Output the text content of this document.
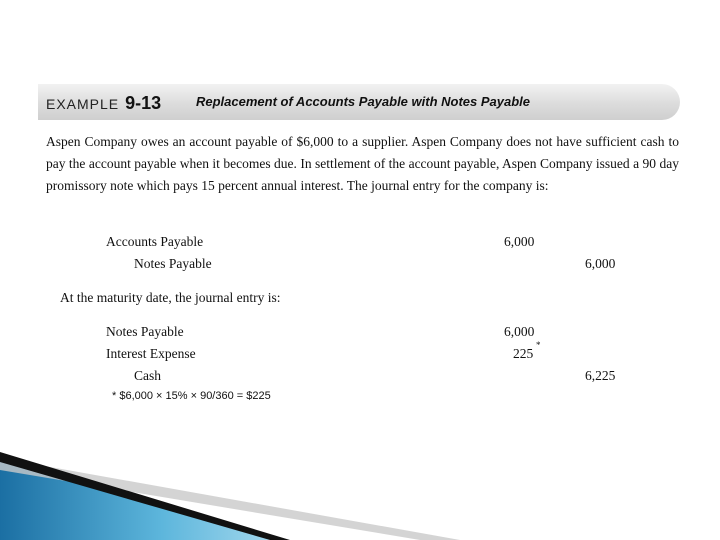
EXAMPLE 9-13	Replacement of Accounts Payable with Notes Payable
Aspen Company owes an account payable of $6,000 to a supplier. Aspen Company does not have sufficient cash to pay the account payable when it becomes due. In settlement of the account payable, Aspen Company issued a 90 day promissory note which pays 15 percent annual interest. The journal entry for the company is:
Accounts Payable	6,000
Notes Payable	6,000
At the maturity date, the journal entry is:
Notes Payable	6,000
Interest Expense	225
*
Cash	6,225
* $6,000 × 15% × 90/360 = $225
